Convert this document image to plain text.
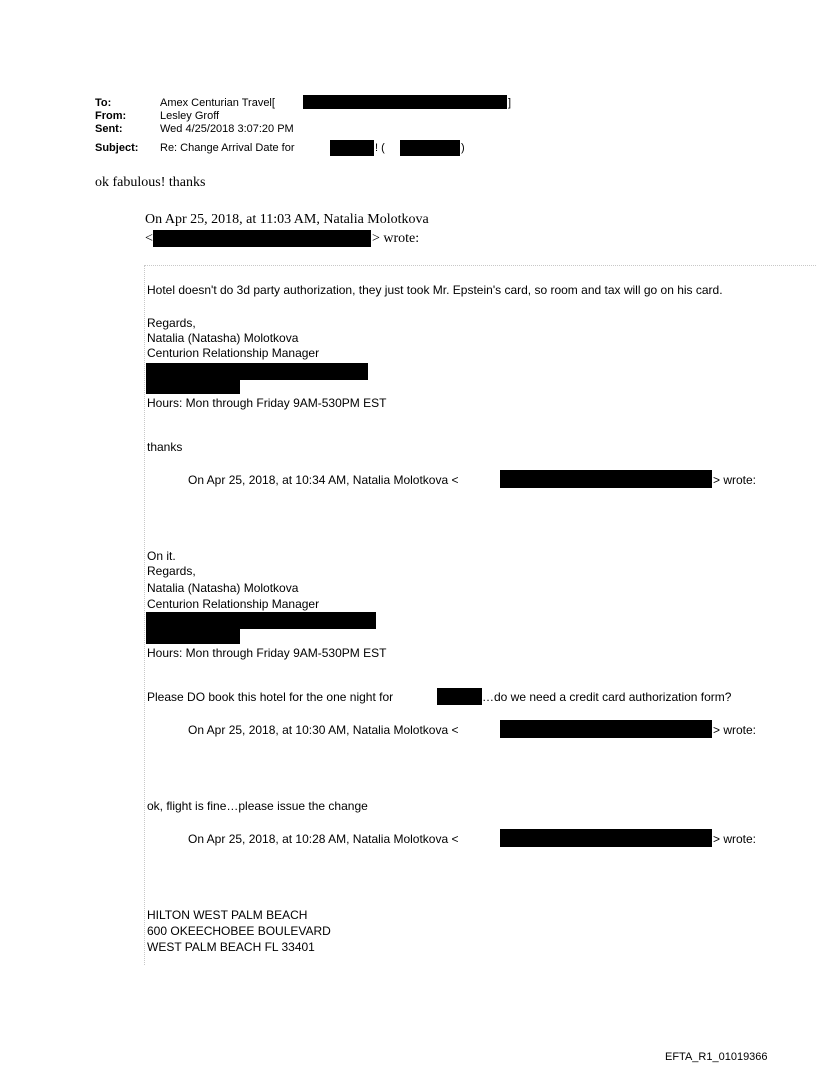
To:	Amex Centurian Travel[	]
From:	Lesley Groff
Sent:	Wed 4/25/2018 3:07:20 PM
Subject: Re: Change Arrival Date for	! (	)
ok fabulous! thanks
On Apr 25, 2018, at 11:03 AM, Natalia Molotkova
<	> wrote:
Hotel doesn't do 3d party authorization, they just took Mr. Epstein's card, so room and tax will go on his card.
Regards,
Natalia (Natasha) Molotkova
Centurion Relationship Manager
Hours: Mon through Friday 9AM-530PM EST
thanks
On Apr 25, 2018, at 10:34 AM, Natalia Molotkova <	> wrote:
On it.
Regards,
Natalia (Natasha) Molotkova
Centurion Relationship Manager
Hours: Mon through Friday 9AM-530PM EST
Please DO book this hotel for the one night for	…do we need a credit card authorization form?
On Apr 25, 2018, at 10:30 AM, Natalia Molotkova <	> wrote:
ok, flight is fine…please issue the change
On Apr 25, 2018, at 10:28 AM, Natalia Molotkova <	> wrote:
HILTON WEST PALM BEACH
600 OKEECHOBEE BOULEVARD
WEST PALM BEACH FL 33401
EFTA_R1_01019366
